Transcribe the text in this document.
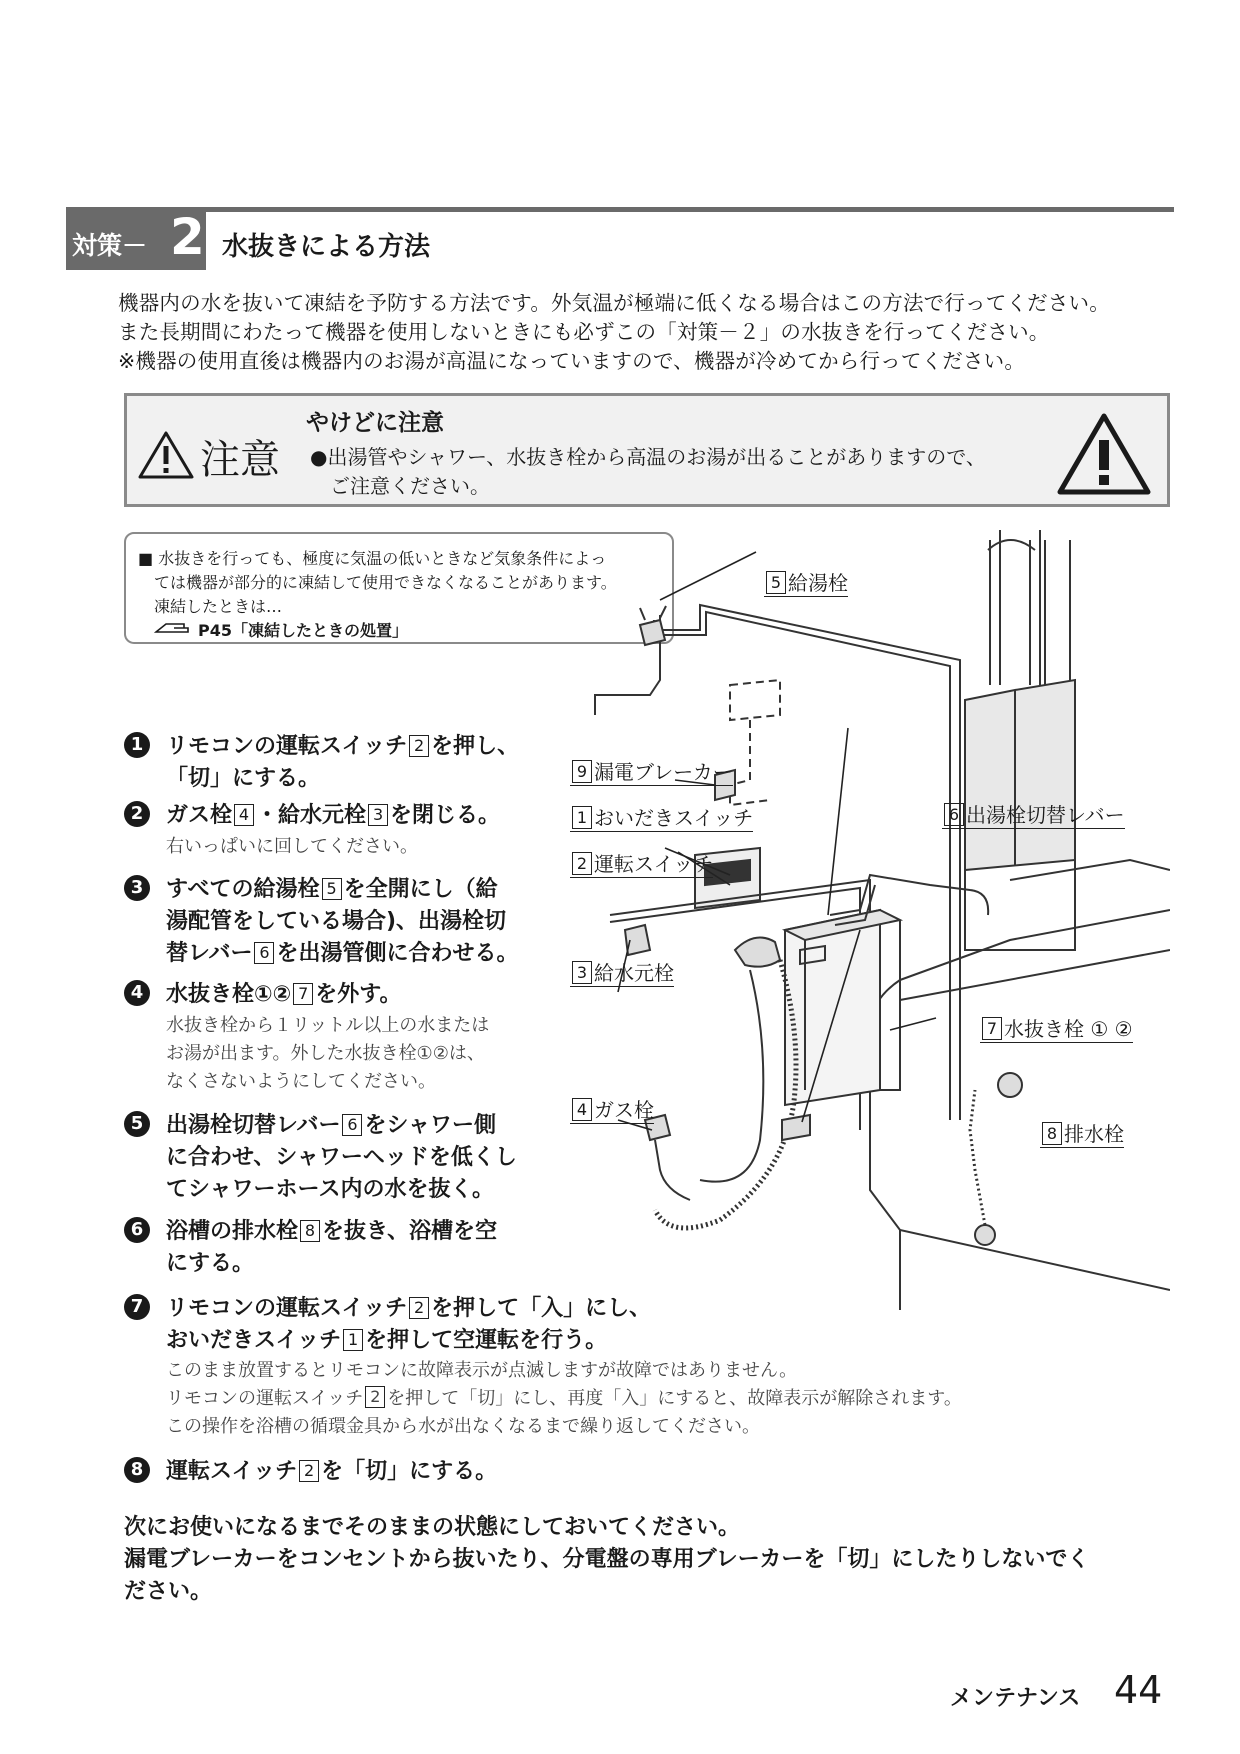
対策－ 2 水抜きによる方法
機器内の水を抜いて凍結を予防する方法です。外気温が極端に低くなる場合はこの方法で行ってください。
また長期間にわたって機器を使用しないときにも必ずこの「対策－２」の水抜きを行ってください。
※機器の使用直後は機器内のお湯が高温になっていますので、機器が冷めてから行ってください。
注意
やけどに注意
●出湯管やシャワー、水抜き栓から高温のお湯が出ることがありますので、
ご注意ください。
■ 水抜きを行っても、極度に気温の低いときなど気象条件によっ
ては機器が部分的に凍結して使用できなくなることがあります。
凍結したときは…
P45「凍結したときの処置」
1	リモコンの運転スイッチ 2 を押し、
「切」にする。
2	ガス栓 4 ・給水元栓 3 を閉じる。
右いっぱいに回してください。
3	すべての給湯栓 5 を全開にし（給
湯配管をしている場合)、出湯栓切
替レバー 6 を出湯管側に合わせる。
4	水抜き栓①② 7 を外す。
水抜き栓から１リットル以上の水または
お湯が出ます。外した水抜き栓①②は、
なくさないようにしてください。
5	出湯栓切替レバー 6 をシャワー側
に合わせ、シャワーヘッドを低くし
てシャワーホース内の水を抜く。
6	浴槽の排水栓 8 を抜き、浴槽を空
にする。
7	リモコンの運転スイッチ 2 を押して「入」にし、
おいだきスイッチ 1 を押して空運転を行う。
このまま放置するとリモコンに故障表示が点滅しますが故障ではありません。
リモコンの運転スイッチ 2 を押して「切」にし、再度「入」にすると、故障表示が解除されます。
この操作を浴槽の循環金具から水が出なくなるまで繰り返してください。
8	運転スイッチ 2 を「切」にする。
5 給湯栓
9 漏電ブレーカー
1 おいだきスイッチ	6 出湯栓切替レバー
2 運転スイッチ
3 給水元栓
7 水抜き栓 ① ②
4 ガス栓
8 排水栓
次にお使いになるまでそのままの状態にしておいてください。
漏電ブレーカーをコンセントから抜いたり、分電盤の専用ブレーカーを「切」にしたりしないでく
ださい。
メンテナンス 44
